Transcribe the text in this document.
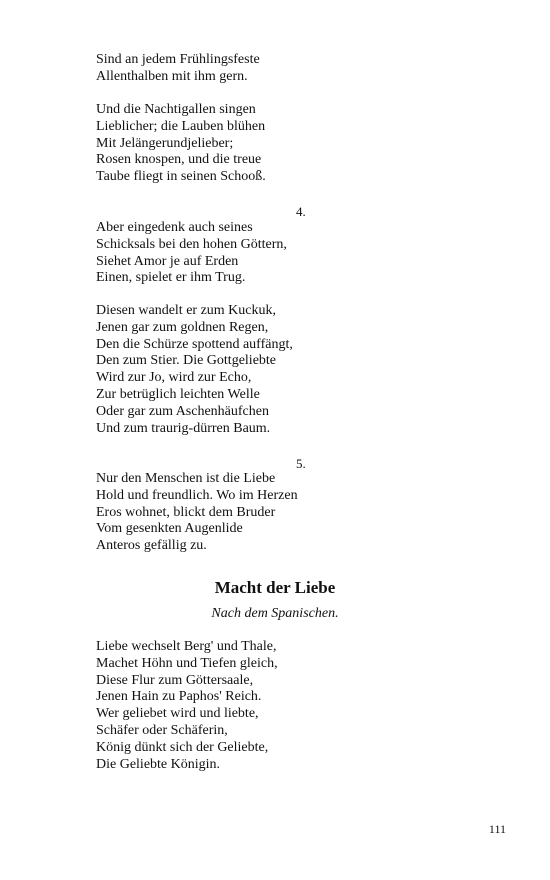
Sind an jedem Frühlingsfeste
Allenthalben mit ihm gern.
Und die Nachtigallen singen
Lieblicher; die Lauben blühen
Mit Jelängerundjelieber;
Rosen knospen, und die treue
Taube fliegt in seinen Schooß.
4.
Aber eingedenk auch seines
Schicksals bei den hohen Göttern,
Siehet Amor je auf Erden
Einen, spielet er ihm Trug.
Diesen wandelt er zum Kuckuk,
Jenen gar zum goldnen Regen,
Den die Schürze spottend auffängt,
Den zum Stier. Die Gottgeliebte
Wird zur Jo, wird zur Echo,
Zur betrüglich leichten Welle
Oder gar zum Aschenhäufchen
Und zum traurig-dürren Baum.
5.
Nur den Menschen ist die Liebe
Hold und freundlich. Wo im Herzen
Eros wohnet, blickt dem Bruder
Vom gesenkten Augenlide
Anteros gefällig zu.
Macht der Liebe
Nach dem Spanischen.
Liebe wechselt Berg' und Thale,
Machet Höhn und Tiefen gleich,
Diese Flur zum Göttersaale,
Jenen Hain zu Paphos' Reich.
Wer geliebet wird und liebte,
Schäfer oder Schäferin,
König dünkt sich der Geliebte,
Die Geliebte Königin.
111
